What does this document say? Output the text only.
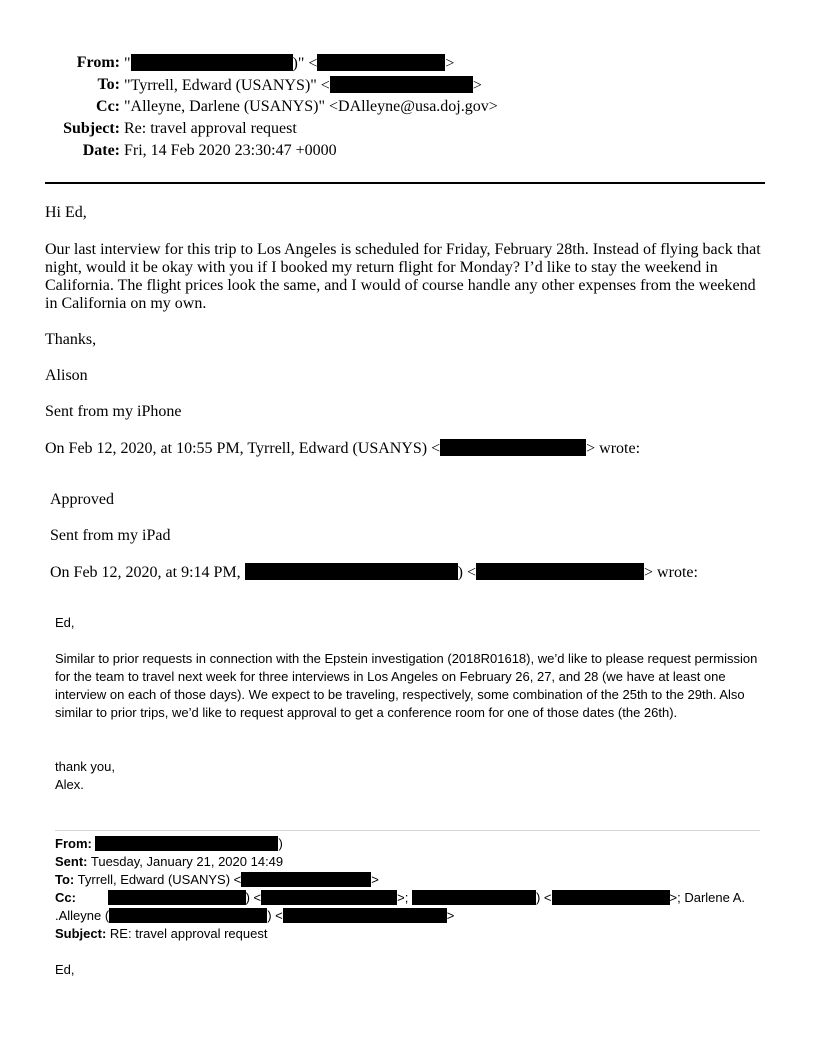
From: "	)" <	>
To: "Tyrrell, Edward (USANYS)" <	>
Cc: "Alleyne, Darlene (USANYS)" <DAlleyne@usa.doj.gov>
Subject: Re: travel approval request
Date: Fri, 14 Feb 2020 23:30:47 +0000
Hi Ed,
Our last interview for this trip to Los Angeles is scheduled for Friday, February 28th. Instead of flying back that night, would it be okay with you if I booked my return flight for Monday? I’d like to stay the weekend in California. The flight prices look the same, and I would of course handle any other expenses from the weekend in California on my own.
Thanks,
Alison
Sent from my iPhone
On Feb 12, 2020, at 10:55 PM, Tyrrell, Edward (USANYS) <	> wrote:
Approved
Sent from my iPad
On Feb 12, 2020, at 9:14 PM,	) <	> wrote:
Ed,
Similar to prior requests in connection with the Epstein investigation (2018R01618), we’d like to please request permission for the team to travel next week for three interviews in Los Angeles on February 26, 27, and 28 (we have at least one interview on each of those days). We expect to be traveling, respectively, some combination of the 25th to the 29th. Also similar to prior trips, we’d like to request approval to get a conference room for one of those dates (the 26th).
thank you,
Alex.
From:	)
Sent: Tuesday, January 21, 2020 14:49
To: Tyrrell, Edward (USANYS) <	>
Cc:	) <	>;	) <	>; Darlene A.
.Alleyne (	) <	>
Subject: RE: travel approval request
Ed,
